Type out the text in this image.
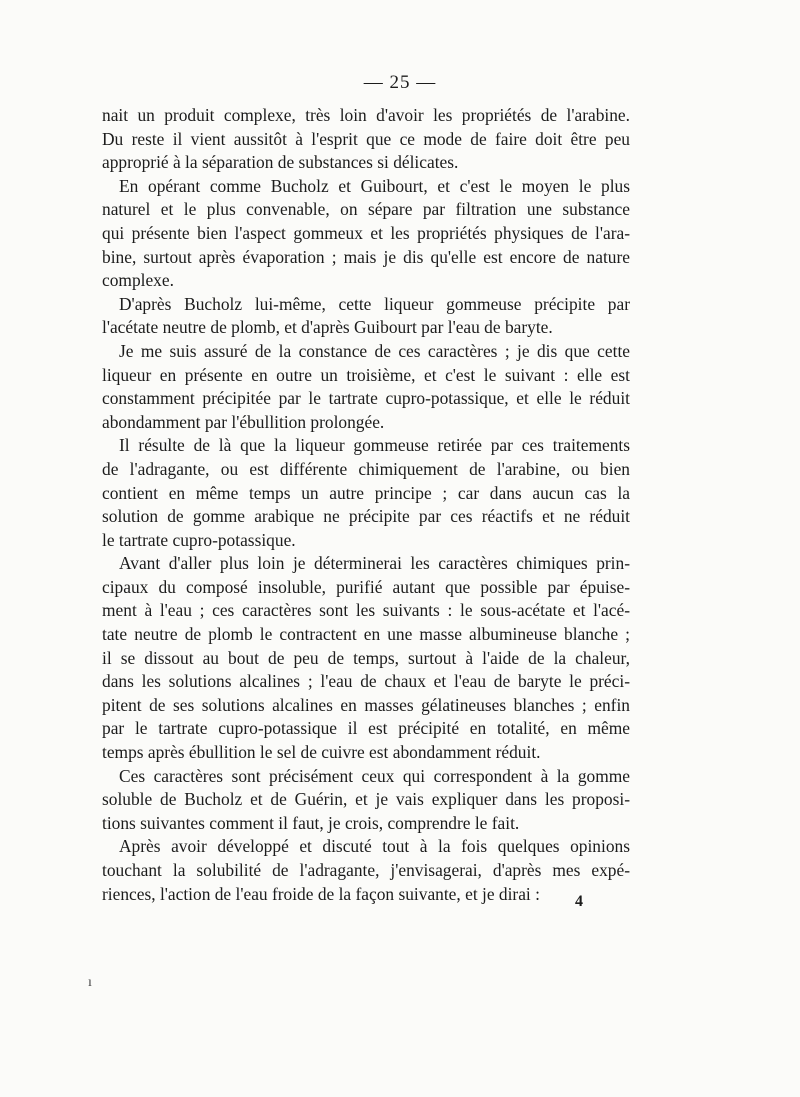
— 25 —
nait un produit complexe, très loin d'avoir les propriétés de l'arabine.
Du reste il vient aussitôt à l'esprit que ce mode de faire doit être peu
approprié à la séparation de substances si délicates.
En opérant comme Bucholz et Guibourt, et c'est le moyen le plus
naturel et le plus convenable, on sépare par filtration une substance
qui présente bien l'aspect gommeux et les propriétés physiques de l'ara-
bine, surtout après évaporation ; mais je dis qu'elle est encore de nature
complexe.
D'après Bucholz lui-même, cette liqueur gommeuse précipite par
l'acétate neutre de plomb, et d'après Guibourt par l'eau de baryte.
Je me suis assuré de la constance de ces caractères ; je dis que cette
liqueur en présente en outre un troisième, et c'est le suivant : elle est
constamment précipitée par le tartrate cupro-potassique, et elle le réduit
abondamment par l'ébullition prolongée.
Il résulte de là que la liqueur gommeuse retirée par ces traitements
de l'adragante, ou est différente chimiquement de l'arabine, ou bien
contient en même temps un autre principe ; car dans aucun cas la
solution de gomme arabique ne précipite par ces réactifs et ne réduit
le tartrate cupro-potassique.
Avant d'aller plus loin je déterminerai les caractères chimiques prin-
cipaux du composé insoluble, purifié autant que possible par épuise-
ment à l'eau ; ces caractères sont les suivants : le sous-acétate et l'acé-
tate neutre de plomb le contractent en une masse albumineuse blanche ;
il se dissout au bout de peu de temps, surtout à l'aide de la chaleur,
dans les solutions alcalines ; l'eau de chaux et l'eau de baryte le préci-
pitent de ses solutions alcalines en masses gélatineuses blanches ; enfin
par le tartrate cupro-potassique il est précipité en totalité, en même
temps après ébullition le sel de cuivre est abondamment réduit.
Ces caractères sont précisément ceux qui correspondent à la gomme
soluble de Bucholz et de Guérin, et je vais expliquer dans les proposi-
tions suivantes comment il faut, je crois, comprendre le fait.
Après avoir développé et discuté tout à la fois quelques opinions
touchant la solubilité de l'adragante, j'envisagerai, d'après mes expé-
riences, l'action de l'eau froide de la façon suivante, et je dirai :	4
ı
